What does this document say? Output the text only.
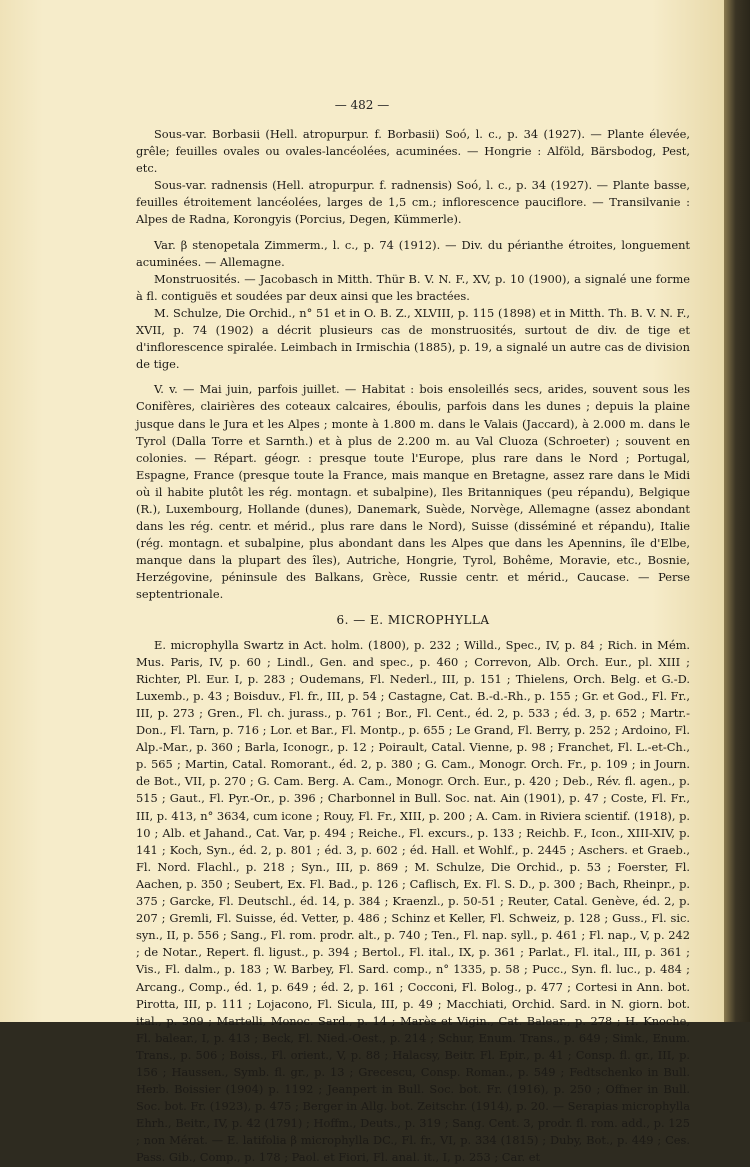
— 482 —

Sous-var. Borbasii (Hell. atropurpur. f. Borbasii) Soó, l. c., p. 34 (1927). — Plante élevée, grêle; feuilles ovales ou ovales-lancéolées, acuminées. — Hongrie : Alföld, Bärsbodog, Pest, etc.

Sous-var. radnensis (Hell. atropurpur. f. radnensis) Soó, l. c., p. 34 (1927). — Plante basse, feuilles étroitement lancéolées, larges de 1,5 cm.; inflorescence pauciflore. — Transilvanie : Alpes de Radna, Korongyis (Porcius, Degen, Kümmerle).

Var. β stenopetala Zimmerm., l. c., p. 74 (1912). — Div. du périanthe étroites, longuement acuminées. — Allemagne.

Monstruosités. — Jacobasch in Mitth. Thür B. V. N. F., XV, p. 10 (1900), a signalé une forme à fl. contiguës et soudées par deux ainsi que les bractées.

M. Schulze, Die Orchid., n° 51 et in O. B. Z., XLVIII, p. 115 (1898) et in Mitth. Th. B. V. N. F., XVII, p. 74 (1902) a décrit plusieurs cas de monstruosités, surtout de div. de tige et d'inflorescence spiralée. Leimbach in Irmischia (1885), p. 19, a signalé un autre cas de division de tige.

V. v. — Mai juin, parfois juillet. — Habitat : bois ensoleillés secs, arides, souvent sous les Conifères, clairières des coteaux calcaires, éboulis, parfois dans les dunes ; depuis la plaine jusque dans le Jura et les Alpes ; monte à 1.800 m. dans le Valais (Jaccard), à 2.000 m. dans le Tyrol (Dalla Torre et Sarnth.) et à plus de 2.200 m. au Val Cluoza (Schroeter) ; souvent en colonies. — Répart. géogr. : presque toute l'Europe, plus rare dans le Nord ; Portugal, Espagne, France (presque toute la France, mais manque en Bretagne, assez rare dans le Midi où il habite plutôt les rég. montagn. et subalpine), Iles Britanniques (peu répandu), Belgique (R.), Luxembourg, Hollande (dunes), Danemark, Suède, Norvège, Allemagne (assez abondant dans les rég. centr. et mérid., plus rare dans le Nord), Suisse (disséminé et répandu), Italie (rég. montagn. et subalpine, plus abondant dans les Alpes que dans les Apennins, île d'Elbe, manque dans la plupart des îles), Autriche, Hongrie, Tyrol, Bohême, Moravie, etc., Bosnie, Herzégovine, péninsule des Balkans, Grèce, Russie centr. et mérid., Caucase. — Perse septentrionale.

6. — E. MICROPHYLLA

E. microphylla Swartz in Act. holm. (1800), p. 232 ; Willd., Spec., IV, p. 84 ; Rich. in Mém. Mus. Paris, IV, p. 60 ; Lindl., Gen. and spec., p. 460 ; Correvon, Alb. Orch. Eur., pl. XIII ; Richter, Pl. Eur. I, p. 283 ; Oudemans, Fl. Nederl., III, p. 151 ; Thielens, Orch. Belg. et G.-D. Luxemb., p. 43 ; Boisduv., Fl. fr., III, p. 54 ; Castagne, Cat. B.-d.-Rh., p. 155 ; Gr. et God., Fl. Fr., III, p. 273 ; Gren., Fl. ch. jurass., p. 761 ; Bor., Fl. Cent., éd. 2, p. 533 ; éd. 3, p. 652 ; Martr.-Don., Fl. Tarn, p. 716 ; Lor. et Bar., Fl. Montp., p. 655 ; Le Grand, Fl. Berry, p. 252 ; Ardoino, Fl. Alp.-Mar., p. 360 ; Barla, Iconogr., p. 12 ; Poirault, Catal. Vienne, p. 98 ; Franchet, Fl. L.-et-Ch., p. 565 ; Martin, Catal. Romorant., éd. 2, p. 380 ; G. Cam., Monogr. Orch. Fr., p. 109 ; in Journ. de Bot., VII, p. 270 ; G. Cam. Berg. A. Cam., Monogr. Orch. Eur., p. 420 ; Deb., Rév. fl. agen., p. 515 ; Gaut., Fl. Pyr.-Or., p. 396 ; Charbonnel in Bull. Soc. nat. Ain (1901), p. 47 ; Coste, Fl. Fr., III, p. 413, n° 3634, cum icone ; Rouy, Fl. Fr., XIII, p. 200 ; A. Cam. in Riviera scientif. (1918), p. 10 ; Alb. et Jahand., Cat. Var, p. 494 ; Reiche., Fl. excurs., p. 133 ; Reichb. F., Icon., XIII-XIV, p. 141 ; Koch, Syn., éd. 2, p. 801 ; éd. 3, p. 602 ; éd. Hall. et Wohlf., p. 2445 ; Aschers. et Graeb., Fl. Nord. Flachl., p. 218 ; Syn., III, p. 869 ; M. Schulze, Die Orchid., p. 53 ; Foerster, Fl. Aachen, p. 350 ; Seubert, Ex. Fl. Bad., p. 126 ; Caflisch, Ex. Fl. S. D., p. 300 ; Bach, Rheinpr., p. 375 ; Garcke, Fl. Deutschl., éd. 14, p. 384 ; Kraenzl., p. 50-51 ; Reuter, Catal. Genève, éd. 2, p. 207 ; Gremli, Fl. Suisse, éd. Vetter, p. 486 ; Schinz et Keller, Fl. Schweiz, p. 128 ; Guss., Fl. sic. syn., II, p. 556 ; Sang., Fl. rom. prodr. alt., p. 740 ; Ten., Fl. nap. syll., p. 461 ; Fl. nap., V, p. 242 ; de Notar., Repert. fl. ligust., p. 394 ; Bertol., Fl. ital., IX, p. 361 ; Parlat., Fl. ital., III, p. 361 ; Vis., Fl. dalm., p. 183 ; W. Barbey, Fl. Sard. comp., n° 1335, p. 58 ; Pucc., Syn. fl. luc., p. 484 ; Arcang., Comp., éd. 1, p. 649 ; éd. 2, p. 161 ; Cocconi, Fl. Bolog., p. 477 ; Cortesi in Ann. bot. Pirotta, III, p. 111 ; Lojacono, Fl. Sicula, III, p. 49 ; Macchiati, Orchid. Sard. in N. giorn. bot. ital., p. 309 ; Martelli, Monoc. Sard., p. 14 ; Marès et Vigin., Cat. Balear., p. 278 ; H. Knoche, Fl. balear., I, p. 413 ; Beck, Fl. Nied.-Oest., p. 214 ; Schur, Enum. Trans., p. 649 ; Simk., Enum. Trans., p. 506 ; Boiss., Fl. orient., V, p. 88 ; Halacsy, Beitr. Fl. Epir., p. 41 ; Consp. fl. gr., III, p. 156 ; Haussen., Symb. fl. gr., p. 13 ; Grecescu, Consp. Roman., p. 549 ; Fedtschenko in Bull. Herb. Boissier (1904) p. 1192 ; Jeanpert in Bull. Soc. bot. Fr. (1916), p. 250 ; Offner in Bull. Soc. bot. Fr. (1923), p. 475 ; Berger in Allg. bot. Zeitschr. (1914), p. 20. — Serapias microphylla Ehrh., Beitr., IV, p. 42 (1791) ; Hoffm., Deuts., p. 319 ; Sang. Cent. 3, prodr. fl. rom. add., p. 125 ; non Mérat. — E. latifolia β microphylla DC., Fl. fr., VI, p. 334 (1815) ; Duby, Bot., p. 449 ; Ces. Pass. Gib., Comp., p. 178 ; Paol. et Fiori, Fl. anal. it., I, p. 253 ; Car. et
